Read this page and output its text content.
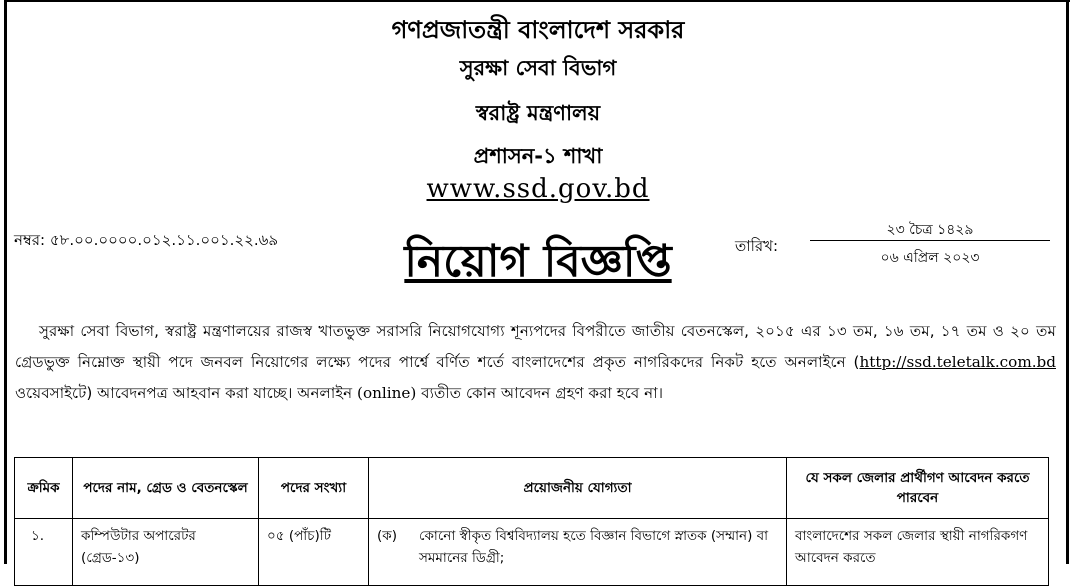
গণপ্রজাতন্ত্রী বাংলাদেশ সরকার
সুরক্ষা সেবা বিভাগ
স্বরাষ্ট্র মন্ত্রণালয়
প্রশাসন-১ শাখা
www.ssd.gov.bd
নম্বর: ৫৮.০০.০০০০.০১২.১১.০০১.২২.৬৯	নিয়োগ বিজ্ঞপ্তি	তারিখ:
২৩ চৈত্র ১৪২৯
০৬ এপ্রিল ২০২৩

সুরক্ষা সেবা বিভাগ, স্বরাষ্ট্র মন্ত্রণালয়ের রাজস্ব খাতভুক্ত সরাসরি নিয়োগযোগ্য শূন্যপদের বিপরীতে জাতীয় বেতনস্কেল, ২০১৫ এর ১৩ তম, ১৬ তম, ১৭ তম ও ২০ তম গ্রেডভুক্ত নিম্নোক্ত স্থায়ী পদে জনবল নিয়োগের লক্ষ্যে পদের পার্শ্বে বর্ণিত শর্তে বাংলাদেশের প্রকৃত নাগরিকদের নিকট হতে অনলাইনে (http://ssd.teletalk.com.bd ওয়েবসাইটে) আবেদনপত্র আহবান করা যাচ্ছে। অনলাইন (online) ব্যতীত কোন আবেদন গ্রহণ করা হবে না।

ক্রমিক	পদের নাম, গ্রেড ও বেতনস্কেল	পদের সংখ্যা	প্রয়োজনীয় যোগ্যতা	যে সকল জেলার প্রার্থীগণ আবেদন করতে পারবেন
১.	কম্পিউটার অপারেটর (গ্রেড-১৩)	০৫ (পাঁচ)টি	(ক) কোনো স্বীকৃত বিশ্ববিদ্যালয় হতে বিজ্ঞান বিভাগে স্নাতক (সম্মান) বা সমমানের ডিগ্রী;	বাংলাদেশের সকল জেলার স্থায়ী নাগরিকগণ আবেদন করতে
